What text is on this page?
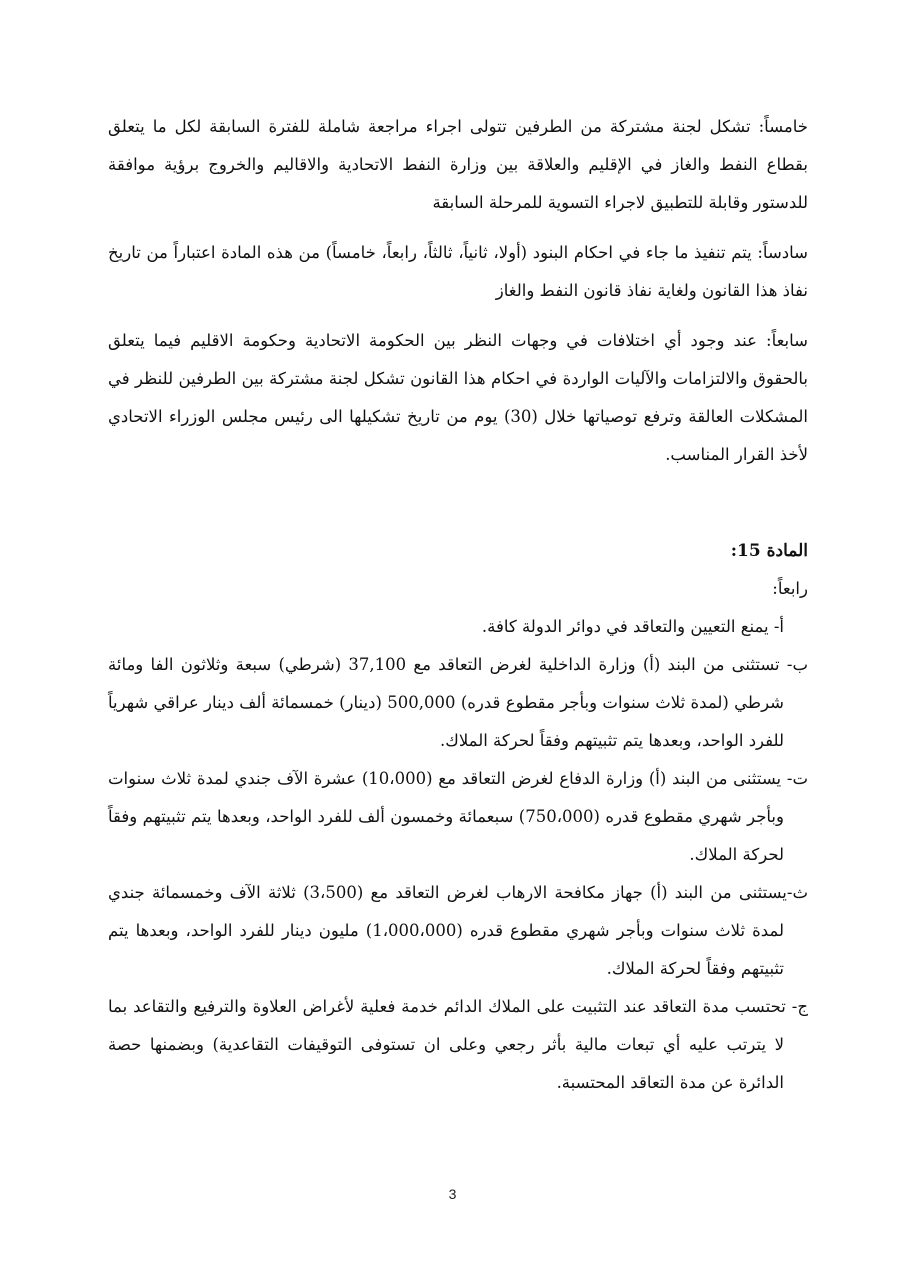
خامساً: تشكل لجنة مشتركة من الطرفين تتولى اجراء مراجعة شاملة للفترة السابقة لكل ما يتعلق بقطاع النفط والغاز في الإقليم والعلاقة بين وزارة النفط الاتحادية والاقاليم والخروج برؤية موافقة للدستور وقابلة للتطبيق لاجراء التسوية للمرحلة السابقة

سادساً: يتم تنفيذ ما جاء في احكام البنود (أولا، ثانياً، ثالثاً، رابعاً، خامساً) من هذه المادة اعتباراً من تاريخ نفاذ هذا القانون ولغاية نفاذ قانون النفط والغاز

سابعاً: عند وجود أي اختلافات في وجهات النظر بين الحكومة الاتحادية وحكومة الاقليم فيما يتعلق بالحقوق والالتزامات والآليات الواردة في احكام هذا القانون تشكل لجنة مشتركة بين الطرفين للنظر في المشكلات العالقة وترفع توصياتها خلال (30) يوم من تاريخ تشكيلها الى رئيس مجلس الوزراء الاتحادي لأخذ القرار المناسب.

المادة 15:
رابعاً:

أ- يمنع التعيين والتعاقد في دوائر الدولة كافة.

ب- تستثنى من البند (أ) وزارة الداخلية لغرض التعاقد مع 37,100 (شرطي) سبعة وثلاثون الفا ومائة شرطي (لمدة ثلاث سنوات وبأجر مقطوع قدره) 500,000 (دينار) خمسمائة ألف دينار عراقي شهرياً للفرد الواحد، وبعدها يتم تثبيتهم وفقاً لحركة الملاك.

ت- يستثنى من البند (أ) وزارة الدفاع لغرض التعاقد مع (10،000) عشرة الآف جندي لمدة ثلاث سنوات وبأجر شهري مقطوع قدره (750،000) سبعمائة وخمسون ألف للفرد الواحد، وبعدها يتم تثبيتهم وفقاً لحركة الملاك.

ث-يستثنى من البند (أ) جهاز مكافحة الارهاب لغرض التعاقد مع (3،500) ثلاثة الآف وخمسمائة جندي لمدة ثلاث سنوات وبأجر شهري مقطوع قدره (1،000،000) مليون دينار للفرد الواحد، وبعدها يتم تثبيتهم وفقاً لحركة الملاك.

ج- تحتسب مدة التعاقد عند التثبيت على الملاك الدائم خدمة فعلية لأغراض العلاوة والترفيع والتقاعد بما لا يترتب عليه أي تبعات مالية بأثر رجعي وعلى ان تستوفى التوقيفات التقاعدية) وبضمنها حصة الدائرة عن مدة التعاقد المحتسبة.

3
